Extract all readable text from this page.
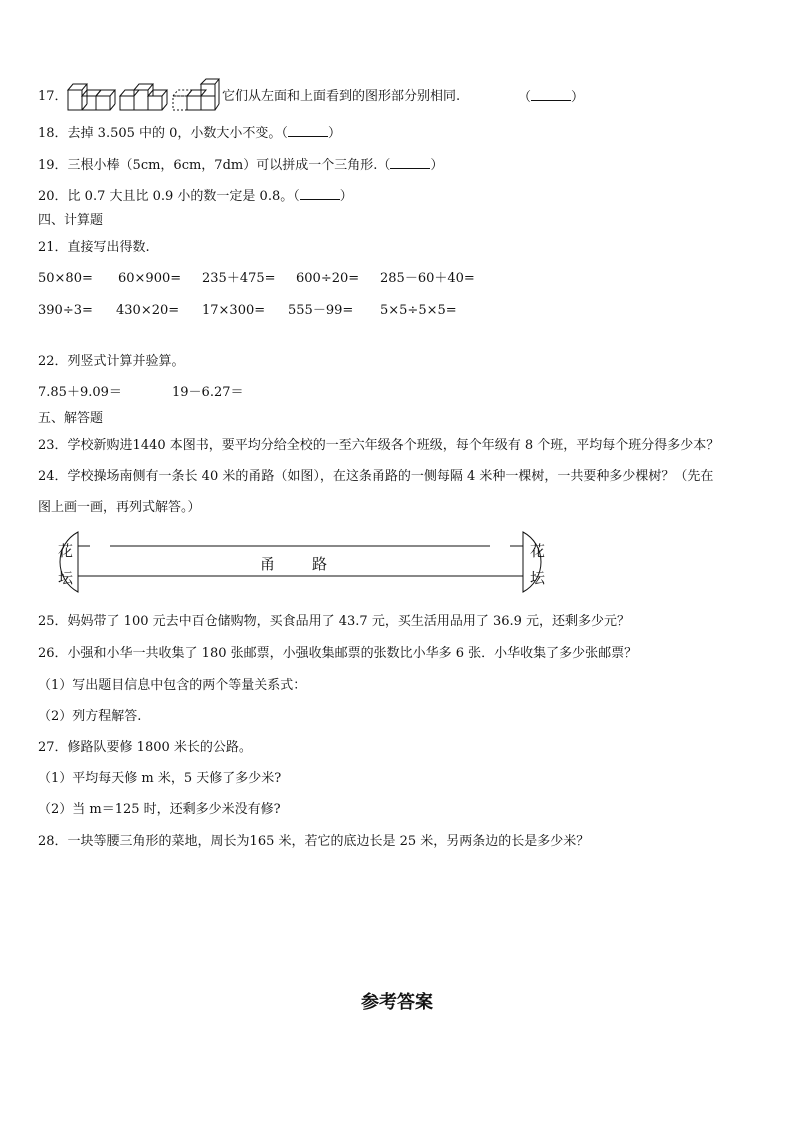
17．	它们从左面和上面看到的图形部分别相同.	（	）
18．去掉 3.505 中的 0，小数大小不变。（	）
19．三根小棒（5cm，6cm，7dm）可以拼成一个三角形.（	）
20．比 0.7 大且比 0.9 小的数一定是 0.8。（	）
四、计算题
21．直接写出得数.
50×80= 60×900= 235＋475= 600÷20= 285－60＋40=
390÷3= 430×20= 17×300= 555－99= 5×5÷5×5=
22．列竖式计算并验算。
7.85＋9.09＝	19－6.27＝
五、解答题
23．学校新购进1440 本图书，要平均分给全校的一至六年级各个班级，每个年级有 8 个班，平均每个班分得多少本？
24．学校操场南侧有一条长 40 米的甬路（如图），在这条甬路的一侧每隔 4 米种一棵树，一共要种多少棵树？（先在
图上画一画，再列式解答。）
花
坛
花
坛
甬 路
25．妈妈带了 100 元去中百仓储购物，买食品用了 43.7 元，买生活用品用了 36.9 元，还剩多少元？
26．小强和小华一共收集了 180 张邮票，小强收集邮票的张数比小华多 6 张．小华收集了多少张邮票？
（1）写出题目信息中包含的两个等量关系式：
（2）列方程解答.
27．修路队要修 1800 米长的公路。
（1）平均每天修 m 米，5 天修了多少米?
（2）当 m＝125 时，还剩多少米没有修?
28．一块等腰三角形的菜地，周长为165 米，若它的底边长是 25 米，另两条边的长是多少米？
参考答案
